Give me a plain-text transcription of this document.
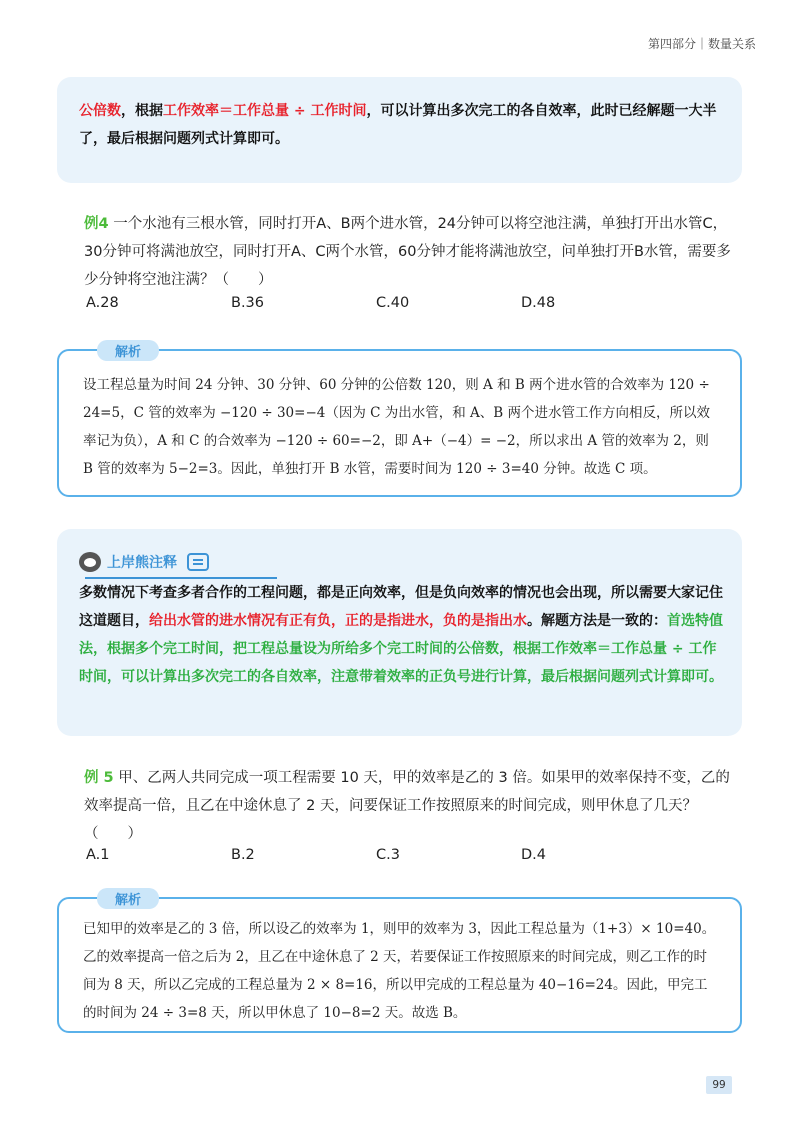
第四部分｜数量关系
公倍数，根据工作效率＝工作总量 ÷ 工作时间，可以计算出多次完工的各自效率，此时已经解题一大半了，最后根据问题列式计算即可。
例4 一个水池有三根水管，同时打开A、B两个进水管，24分钟可以将空池注满，单独打开出水管C，30分钟可将满池放空，同时打开A、C两个水管，60分钟才能将满池放空，问单独打开B水管，需要多少分钟将空池注满？（　　）
A.28	B.36	C.40	D.48
解析
设工程总量为时间 24 分钟、30 分钟、60 分钟的公倍数 120，则 A 和 B 两个进水管的合效率为 120 ÷ 24=5，C 管的效率为 −120 ÷ 30=−4（因为 C 为出水管，和 A、B 两个进水管工作方向相反，所以效率记为负），A 和 C 的合效率为 −120 ÷ 60=−2，即 A+（−4）= −2，所以求出 A 管的效率为 2，则 B 管的效率为 5−2=3。因此，单独打开 B 水管，需要时间为 120 ÷ 3=40 分钟。故选 C 项。
上岸熊注释
多数情况下考查多者合作的工程问题，都是正向效率，但是负向效率的情况也会出现，所以需要大家记住这道题目，给出水管的进水情况有正有负，正的是指进水，负的是指出水。解题方法是一致的：首选特值法，根据多个完工时间，把工程总量设为所给多个完工时间的公倍数，根据工作效率＝工作总量 ÷ 工作时间，可以计算出多次完工的各自效率，注意带着效率的正负号进行计算，最后根据问题列式计算即可。
例 5 甲、乙两人共同完成一项工程需要 10 天，甲的效率是乙的 3 倍。如果甲的效率保持不变，乙的效率提高一倍，且乙在中途休息了 2 天，问要保证工作按照原来的时间完成，则甲休息了几天？（　　）
A.1	B.2	C.3	D.4
解析
已知甲的效率是乙的 3 倍，所以设乙的效率为 1，则甲的效率为 3，因此工程总量为（1+3）× 10=40。乙的效率提高一倍之后为 2，且乙在中途休息了 2 天，若要保证工作按照原来的时间完成，则乙工作的时间为 8 天，所以乙完成的工程总量为 2 × 8=16，所以甲完成的工程总量为 40−16=24。因此，甲完工的时间为 24 ÷ 3=8 天，所以甲休息了 10−8=2 天。故选 B。
99
